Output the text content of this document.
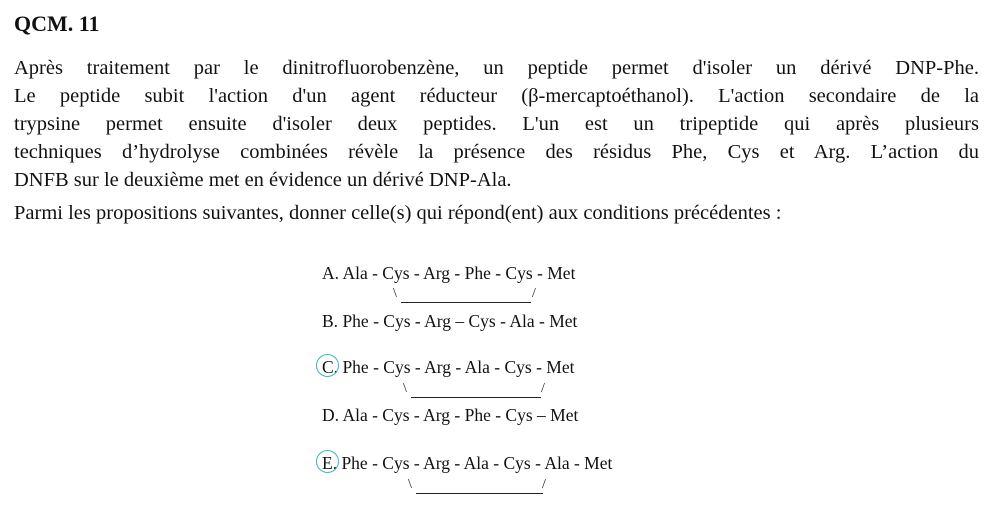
QCM. 11
Après traitement par le dinitrofluorobenzène, un peptide permet d'isoler un dérivé DNP-Phe.
Le peptide subit l'action d'un agent réducteur (β-mercaptoéthanol). L'action secondaire de la
trypsine permet ensuite d'isoler deux peptides. L'un est un tripeptide qui après plusieurs
techniques d’hydrolyse combinées révèle la présence des résidus Phe, Cys et Arg. L’action du
DNFB sur le deuxième met en évidence un dérivé DNP-Ala.
Parmi les propositions suivantes, donner celle(s) qui répond(ent) aux conditions précédentes :
A. Ala - Cys - Arg - Phe - Cys - Met
\	/
B. Phe - Cys - Arg – Cys - Ala - Met
C. Phe - Cys - Arg - Ala - Cys - Met
\	/
D. Ala - Cys - Arg - Phe - Cys – Met
E. Phe - Cys - Arg - Ala - Cys - Ala - Met
\	/
